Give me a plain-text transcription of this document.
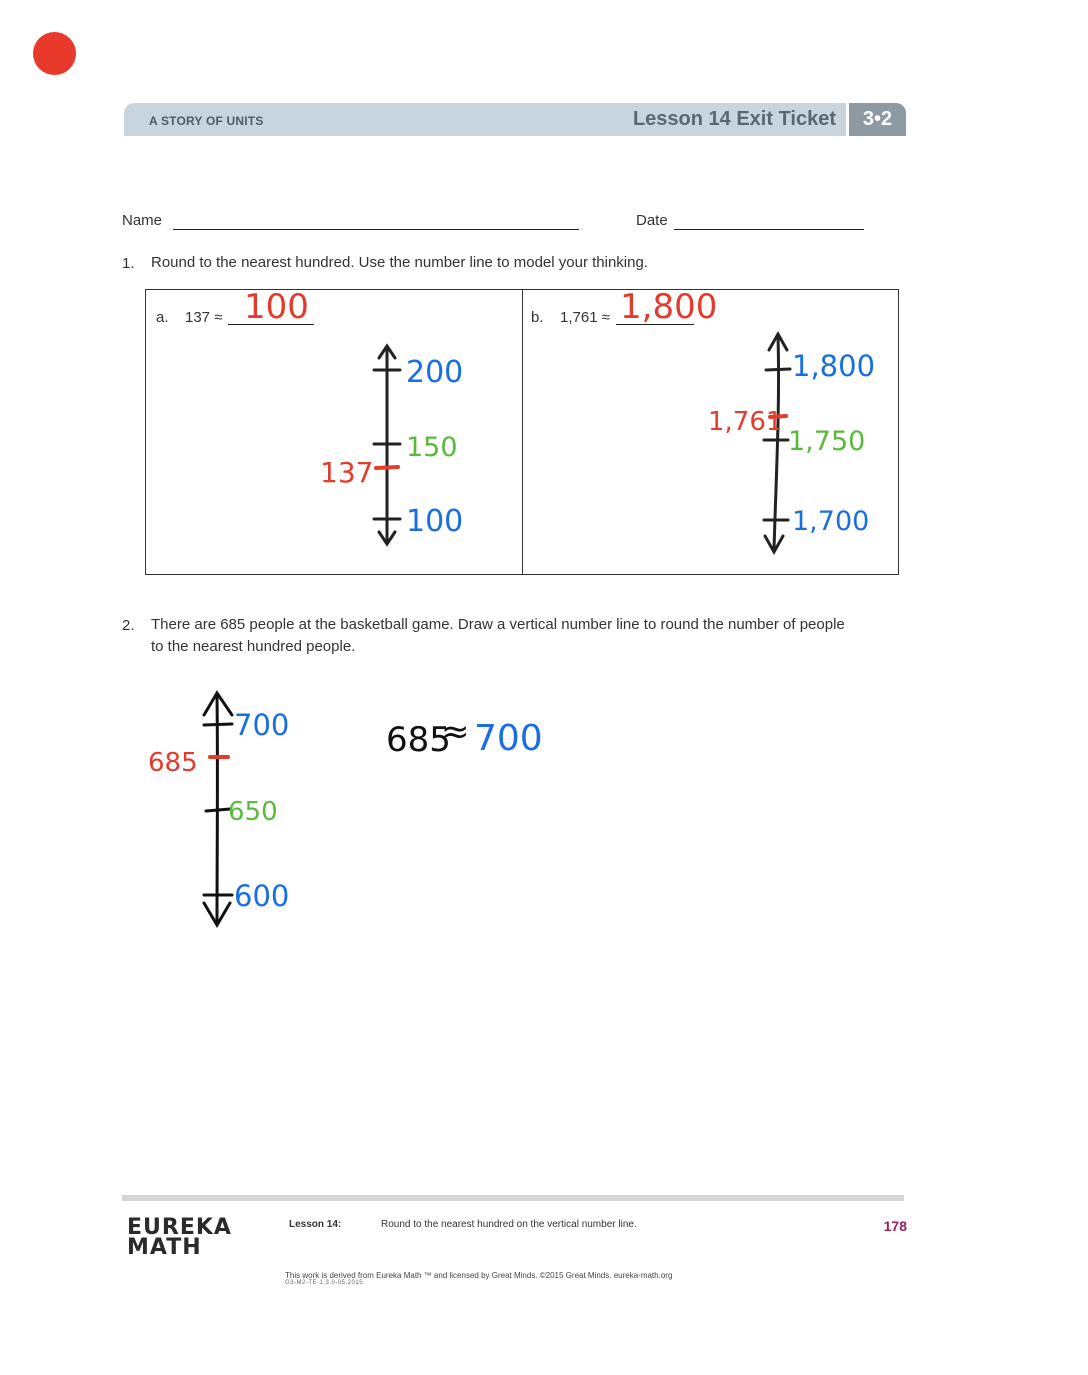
A STORY OF UNITS	Lesson 14 Exit Ticket	3•2
Name	Date
1. Round to the nearest hundred. Use the number line to model your thinking.
a. 137 ≈ 100	b. 1,761 ≈ 1,800
200
150
100
137
1,800
1,750
1,700
1,761
2. There are 685 people at the basketball game. Draw a vertical number line to round the number of people
to the nearest hundred people.
700
650
600
685
685
≈ 700
EUREKA
MATH
Lesson 14:	Round to the nearest hundred on the vertical number line.	178
This work is derived from Eureka Math ™ and licensed by Great Minds. ©2015 Great Minds. eureka-math.org
G3-M2-TE-1.3.0-05.2015
